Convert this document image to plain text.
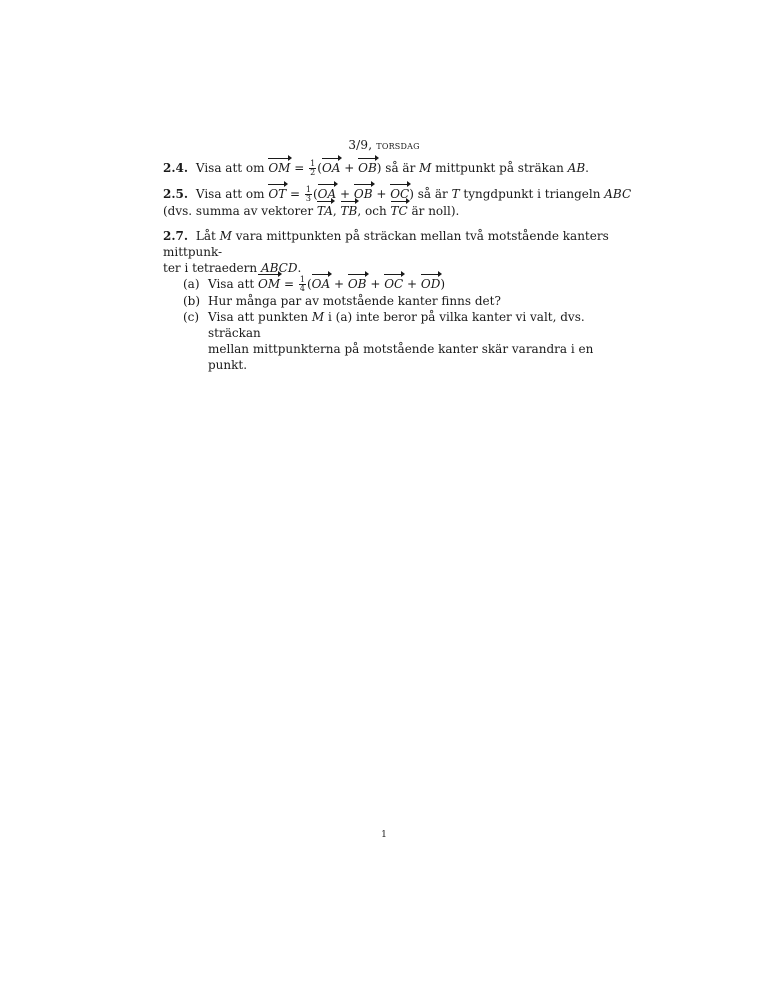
3/9, torsdag
2.4. Visa att om OM = $\frac{1}{2} (OA + OB)$ så är M mittpunkt på sträkan AB.
2.5. Visa att om OT = $\frac{1}{3} (OA$ + OB + OC) så är T tyngdpunkt i triangeln ABC
(dvs. summa av vektorer TA, TB, och TC är noll).
2.7. Låt M vara mittpunkten på sträckan mellan två motstående kanters mittpunk-
ter i tetraedern ABCD.
(a) Visa att OM = $\frac{1}{4} (OA$ + OB + OC + OD)
(b) Hur många par av motstående kanter finns det?
(c) Visa att punkten M i (a) inte beror på vilka kanter vi valt, dvs. sträckan
mellan mittpunkterna på motstående kanter skär varandra i en punkt.
1
